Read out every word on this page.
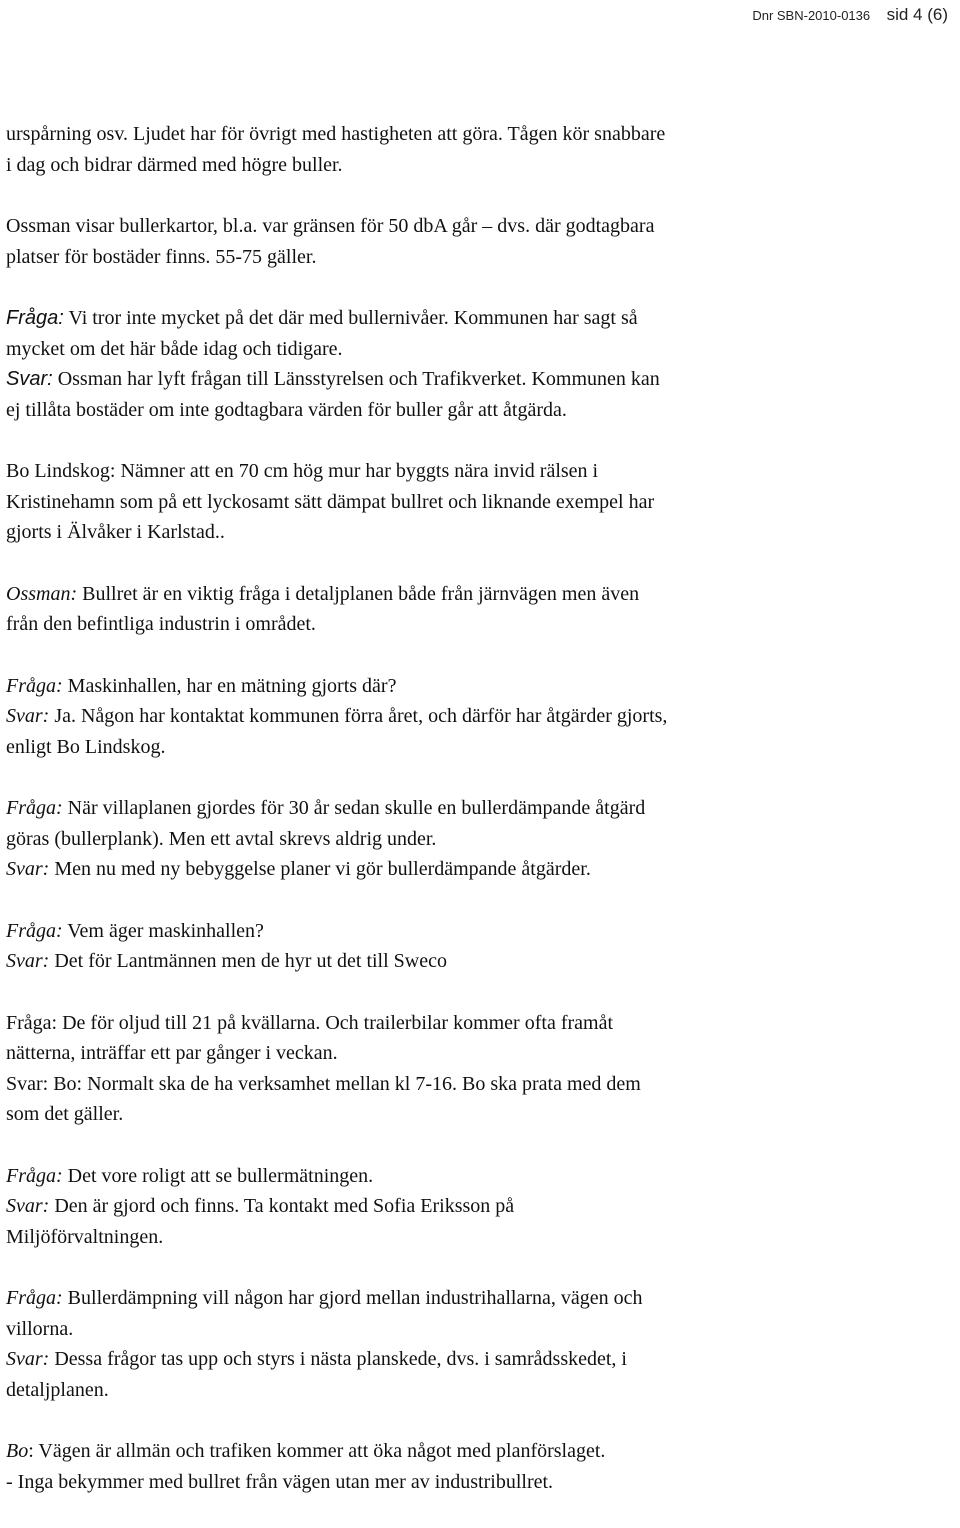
Dnr SBN-2010-0136 sid 4 (6)
urspårning osv. Ljudet har för övrigt med hastigheten att göra. Tågen kör snabbare
i dag och bidrar därmed med högre buller.
Ossman visar bullerkartor, bl.a. var gränsen för 50 dbA går – dvs. där godtagbara
platser för bostäder finns. 55-75 gäller.
Fråga: Vi tror inte mycket på det där med bullernivåer. Kommunen har sagt så
mycket om det här både idag och tidigare.
Svar: Ossman har lyft frågan till Länsstyrelsen och Trafikverket. Kommunen kan
ej tillåta bostäder om inte godtagbara värden för buller går att åtgärda.
Bo Lindskog: Nämner att en 70 cm hög mur har byggts nära invid rälsen i
Kristinehamn som på ett lyckosamt sätt dämpat bullret och liknande exempel har
gjorts i Älvåker i Karlstad..
Ossman: Bullret är en viktig fråga i detaljplanen både från järnvägen men även
från den befintliga industrin i området.
Fråga: Maskinhallen, har en mätning gjorts där?
Svar: Ja. Någon har kontaktat kommunen förra året, och därför har åtgärder gjorts,
enligt Bo Lindskog.
Fråga: När villaplanen gjordes för 30 år sedan skulle en bullerdämpande åtgärd
göras (bullerplank). Men ett avtal skrevs aldrig under.
Svar: Men nu med ny bebyggelse planer vi gör bullerdämpande åtgärder.
Fråga: Vem äger maskinhallen?
Svar: Det för Lantmännen men de hyr ut det till Sweco
Fråga: De för oljud till 21 på kvällarna. Och trailerbilar kommer ofta framåt
nätterna, inträffar ett par gånger i veckan.
Svar: Bo: Normalt ska de ha verksamhet mellan kl 7-16. Bo ska prata med dem
som det gäller.
Fråga: Det vore roligt att se bullermätningen.
Svar: Den är gjord och finns. Ta kontakt med Sofia Eriksson på
Miljöförvaltningen.
Fråga: Bullerdämpning vill någon har gjord mellan industrihallarna, vägen och
villorna.
Svar: Dessa frågor tas upp och styrs i nästa planskede, dvs. i samrådsskedet, i
detaljplanen.
Bo: Vägen är allmän och trafiken kommer att öka något med planförslaget.
- Inga bekymmer med bullret från vägen utan mer av industribullret.
